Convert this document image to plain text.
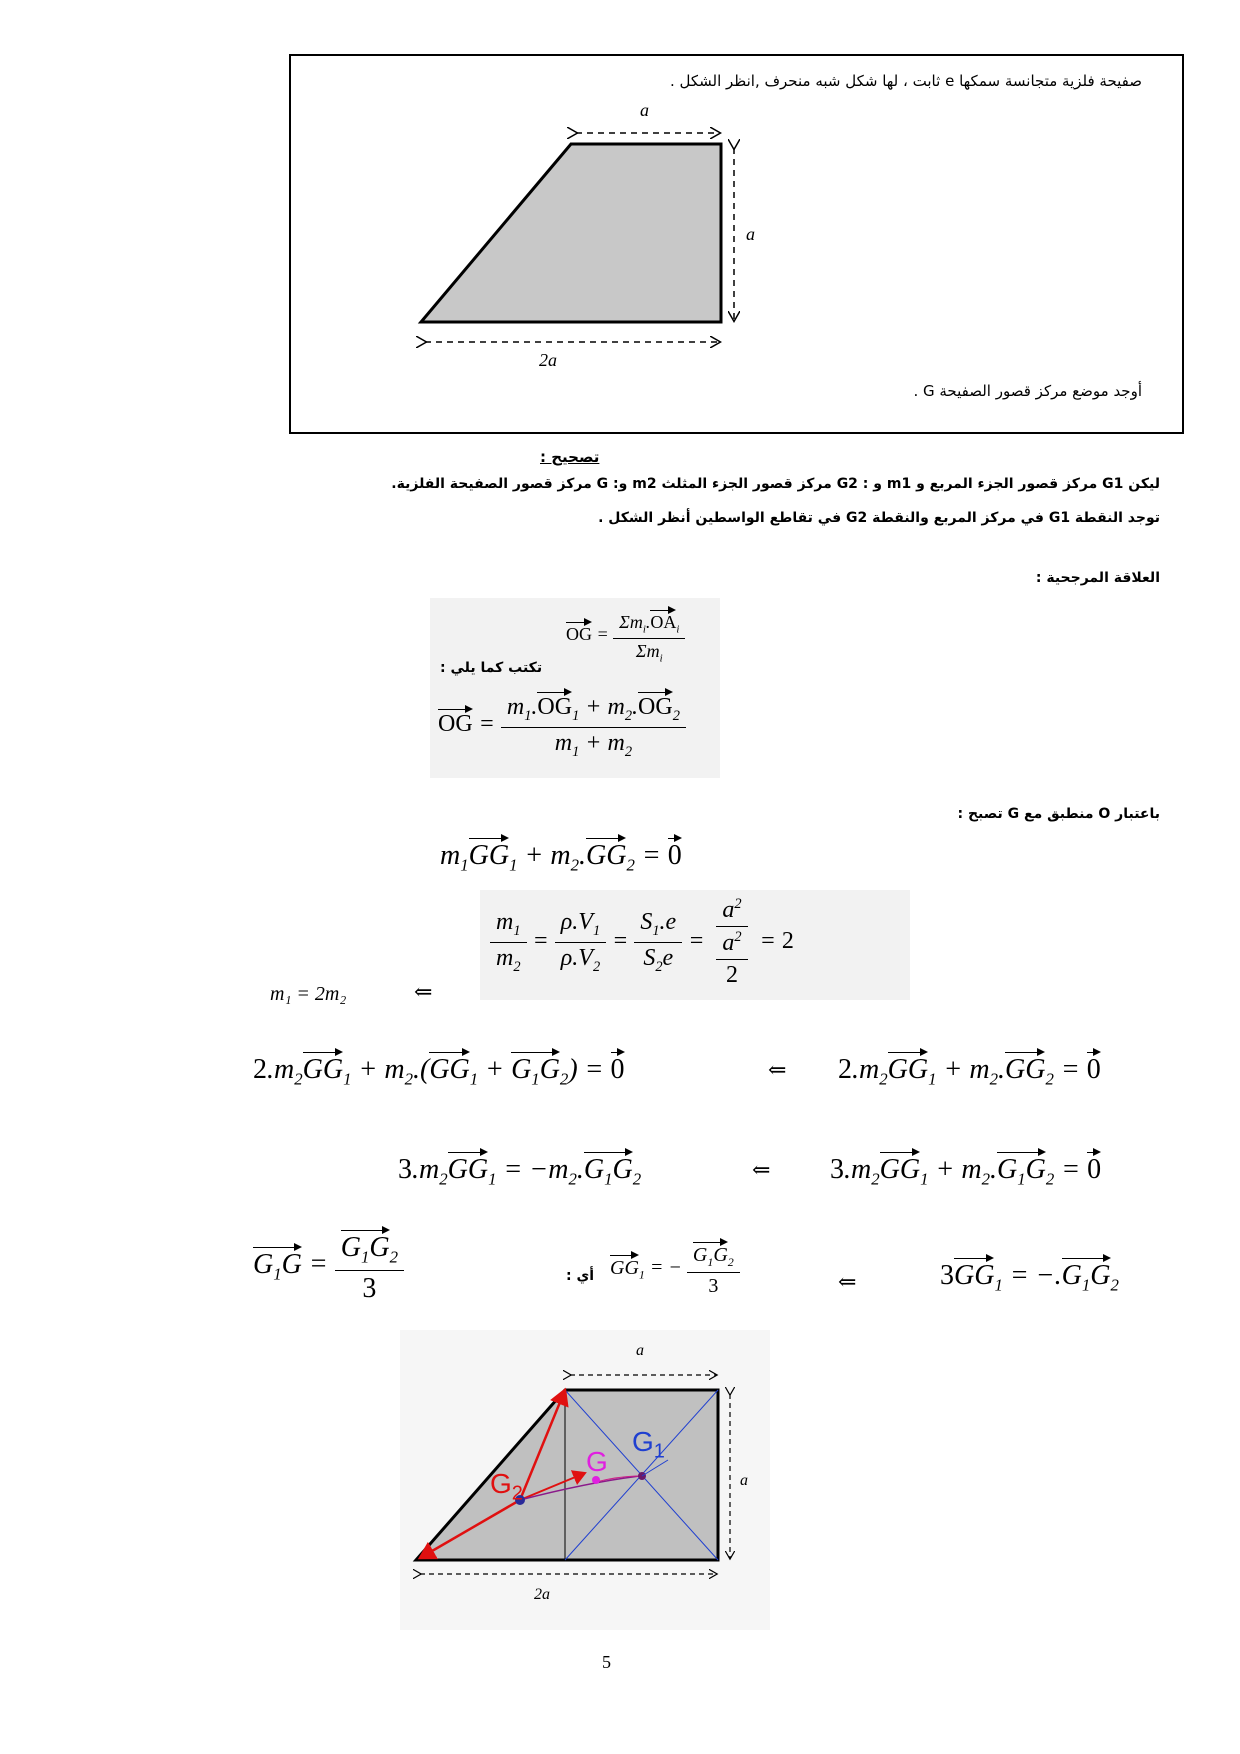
صفيحة فلزية متجانسة سمكها e ثابت ، لها شكل شبه منحرف ,انظر الشكل .
a
a
2a
أوجد موضع مركز قصور الصفيحة G .
تصحيح :
ليكن G1 مركز قصور الجزء المربع و m1 و : G2 مركز قصور الجزء المثلث m2 و: G مركز قصور الصفيحة الفلزية.
توجد النقطة G1 في مركز المربع والنقطة G2 في تقاطع الواسطين أنظر الشكل .
العلاقة المرجحية :
OG = $\frac{\Sigma m_i.OA_i}{\Sigma m_i}$
تكتب كما يلي :
OG = $\frac{m_1.OG_1 + m_2.OG_2}{m_1 + m_2}$
باعتبار O منطبق مع G تصبح :
$m_1GG_1 + m_2.GG_2 = 0$
$\frac{m_1}{m_2} = \frac{\rho.V_1}{\rho.V_2} = \frac{S_1.e}{S_2e} = \frac{a^2}{\frac{a^2}{2}} = 2$
m₁ = 2m₂	⇐
$2.m_2GG_1 + m_2.(GG_1 + G_1G_2) = 0$	⇐ $2.m_2GG_1 + m_2.GG_2 = 0$
$3.m_2GG_1 = -m_2.G_1G_2$	⇐ $3.m_2GG_1 + m_2.G_1G_2 = 0$
$G_1G = \frac{G_1G_2}{3}$	أي : $GG_1$ = − $\frac{G_1G_2}{3}$	⇐	$3GG_1 = -.G_1G_2$
a
a
2a
G
$G_1$
$G_2$
5
